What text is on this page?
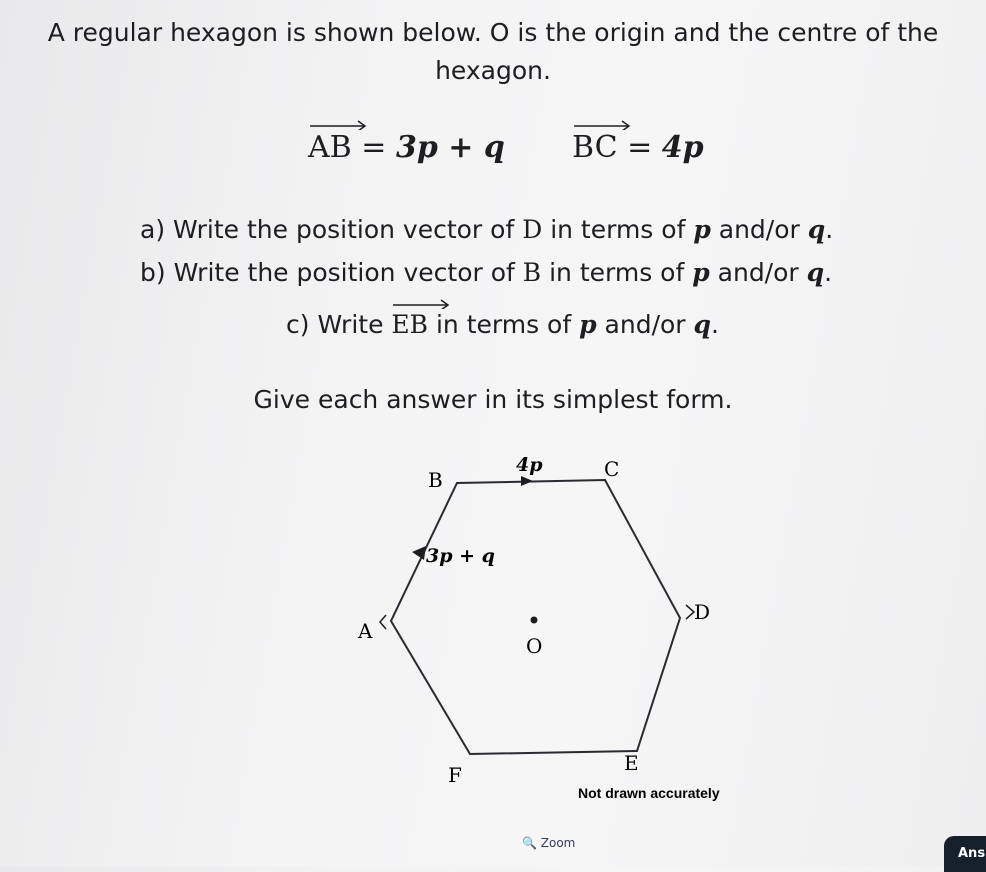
A regular hexagon is shown below. O is the origin and the centre of the
hexagon.
AB = 3p + q BC = 4p
a) Write the position vector of D in terms of p and/or q.
b) Write the position vector of B in terms of p and/or q.
c) Write
EB in terms of p and/or q.
Give each answer in its simplest form.
B	C
D
E
F
A
O
4p
3p + q
Not drawn accurately
🔍 Zoom
Ans
